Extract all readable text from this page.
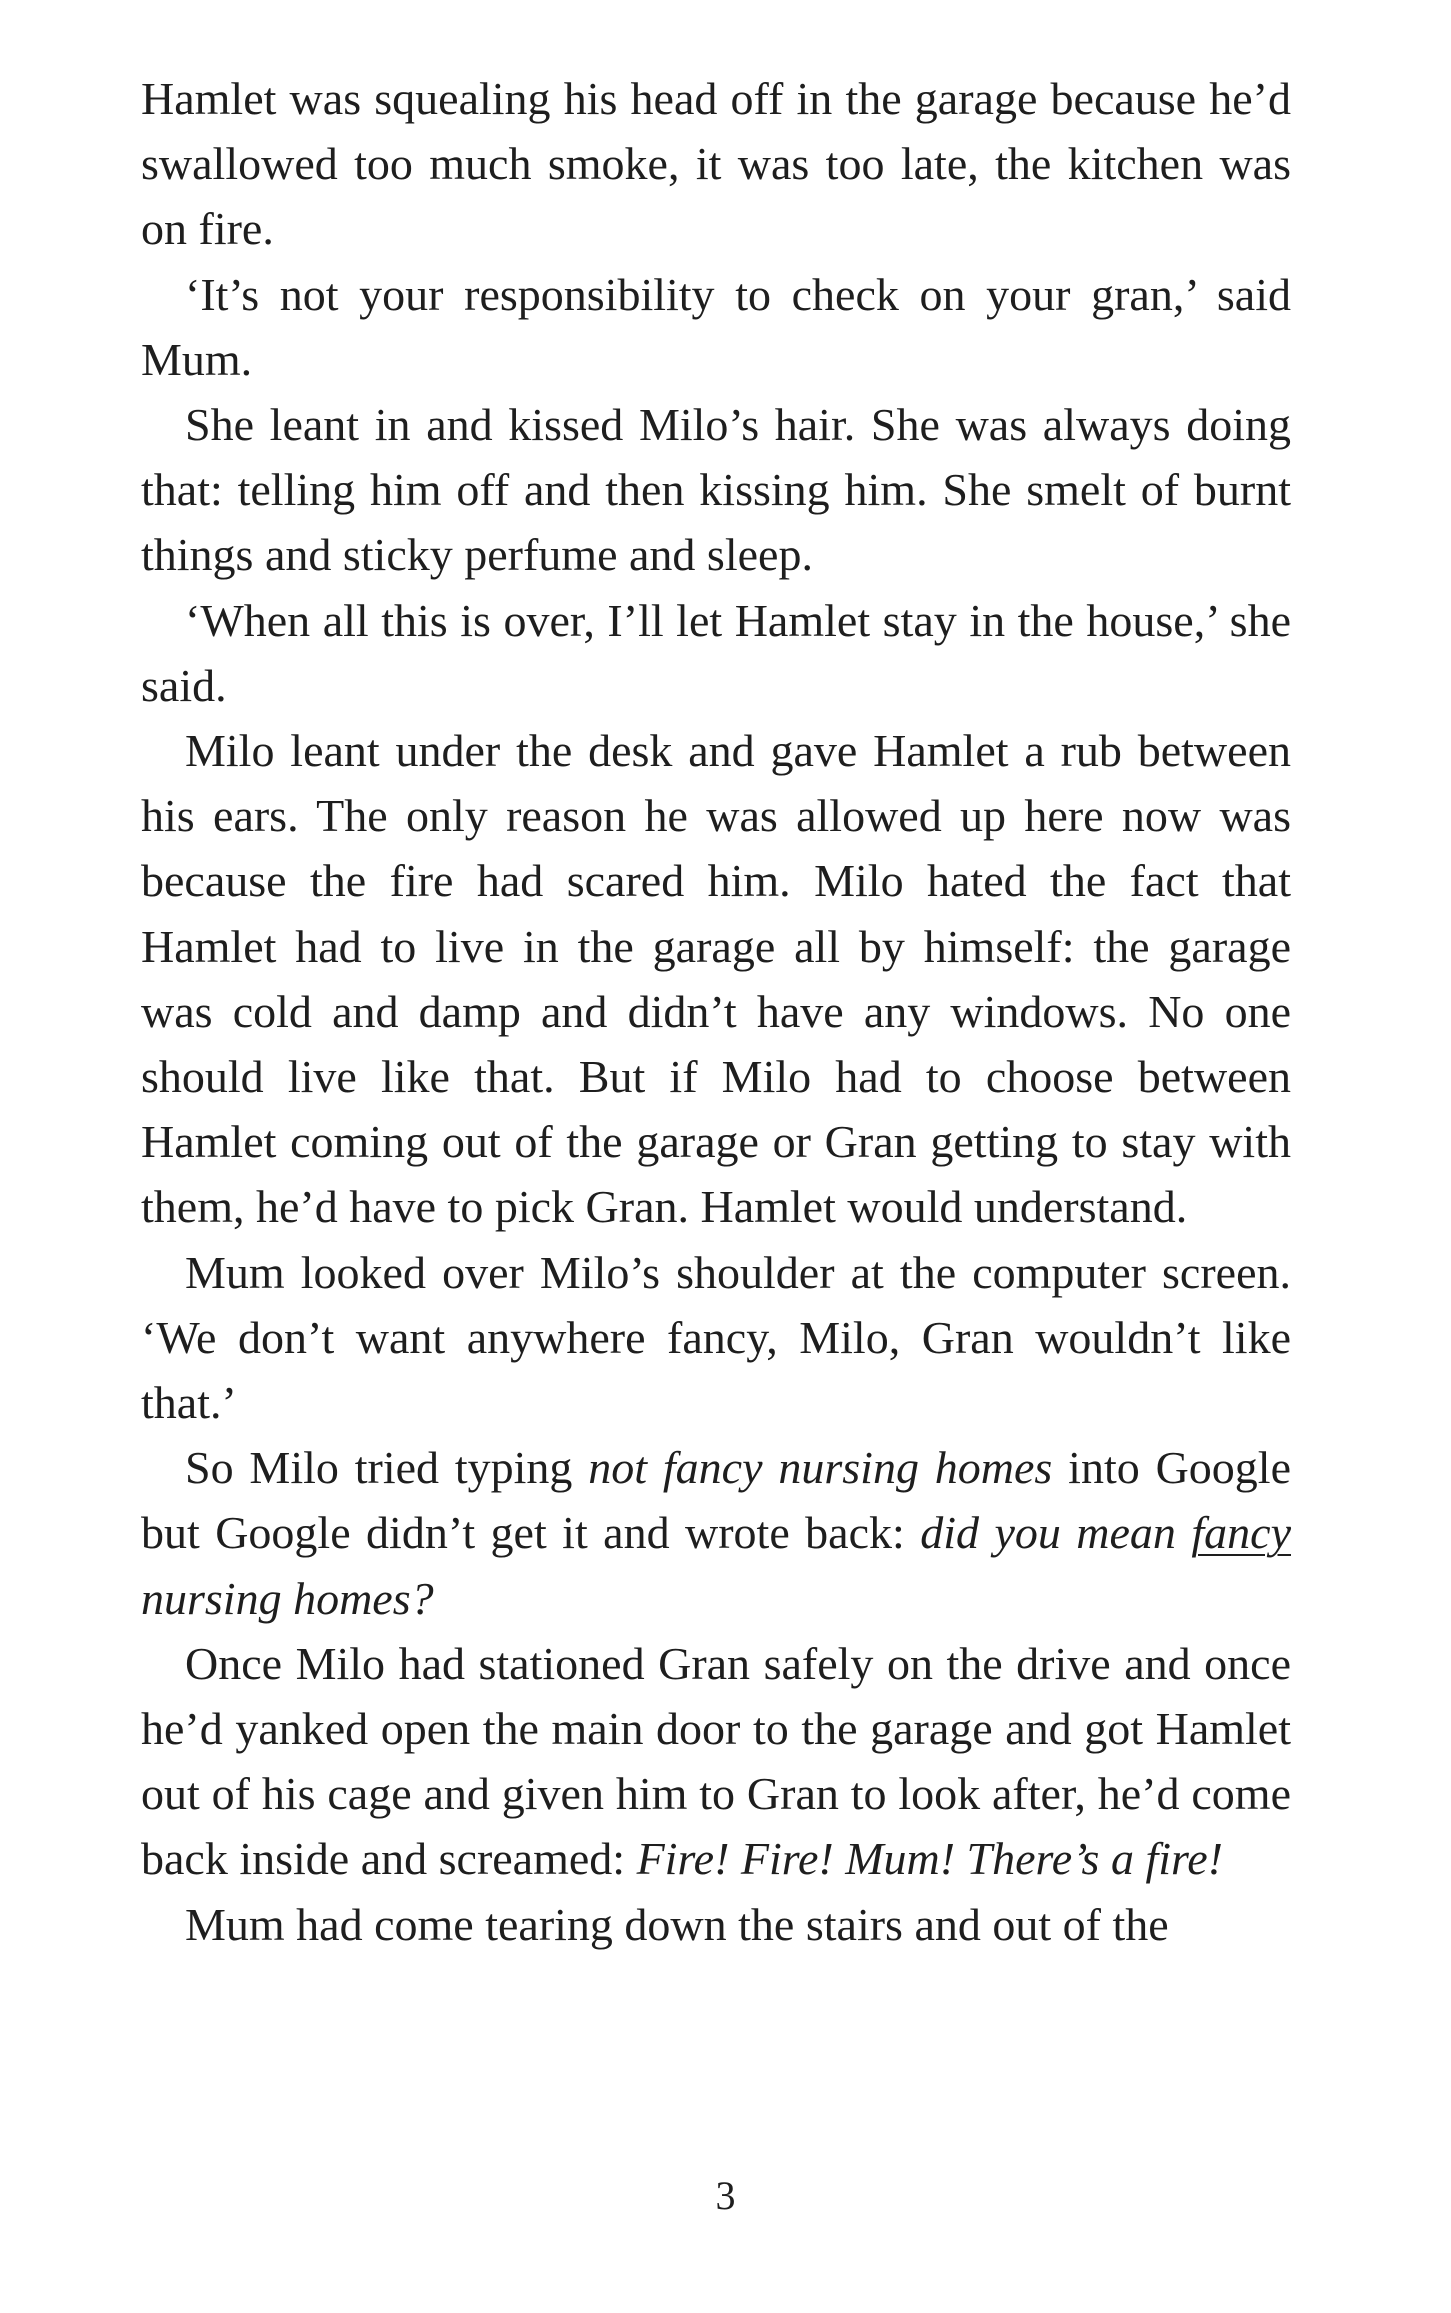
Hamlet was squealing his head off in the garage because he’d swallowed too much smoke, it was too late, the kitchen was on fire.

‘It’s not your responsibility to check on your gran,’ said Mum.

She leant in and kissed Milo’s hair. She was always doing that: telling him off and then kissing him. She smelt of burnt things and sticky perfume and sleep.

‘When all this is over, I’ll let Hamlet stay in the house,’ she said.

Milo leant under the desk and gave Hamlet a rub between his ears. The only reason he was allowed up here now was because the fire had scared him. Milo hated the fact that Hamlet had to live in the garage all by himself: the garage was cold and damp and didn’t have any windows. No one should live like that. But if Milo had to choose between Hamlet coming out of the garage or Gran getting to stay with them, he’d have to pick Gran. Hamlet would understand.

Mum looked over Milo’s shoulder at the computer screen. ‘We don’t want anywhere fancy, Milo, Gran wouldn’t like that.’

So Milo tried typing not fancy nursing homes into Google but Google didn’t get it and wrote back: did you mean fancy nursing homes?

Once Milo had stationed Gran safely on the drive and once he’d yanked open the main door to the garage and got Hamlet out of his cage and given him to Gran to look after, he’d come back inside and screamed: Fire! Fire! Mum! There’s a fire!

Mum had come tearing down the stairs and out of the

3
